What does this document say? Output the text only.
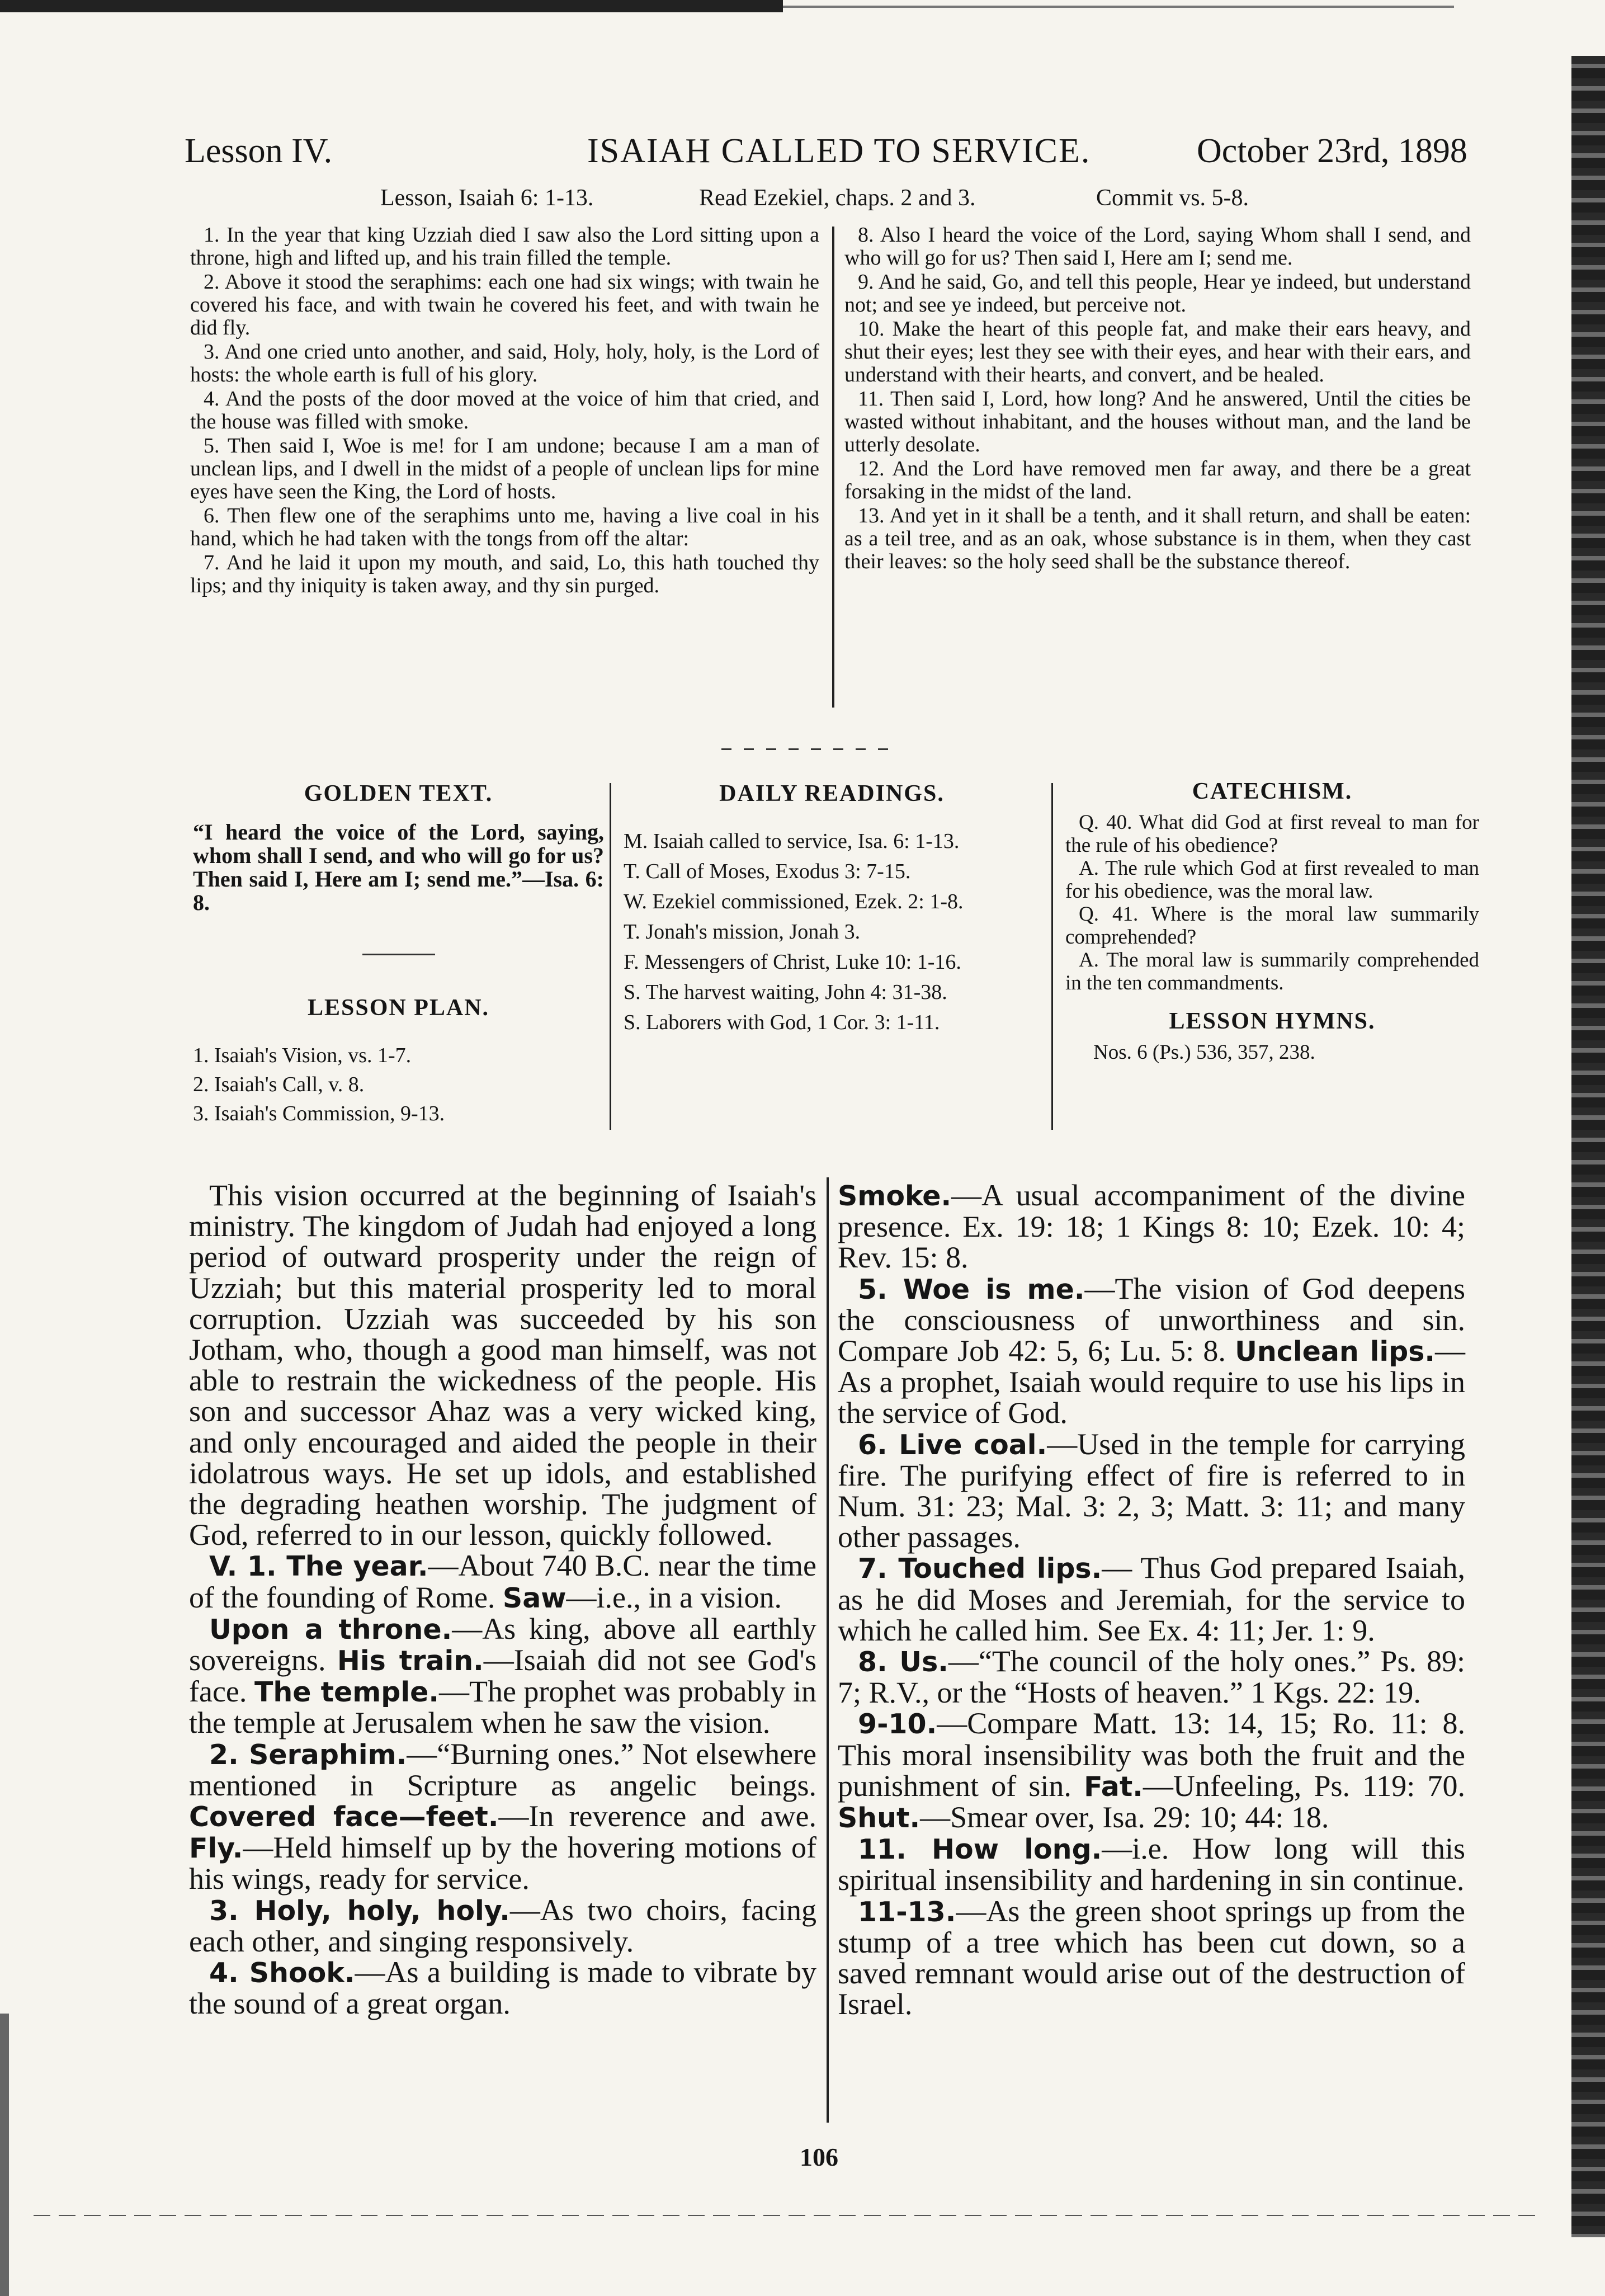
Lesson IV.	ISAIAH CALLED TO SERVICE.	October 23rd, 1898
Lesson, Isaiah 6: 1-13.	Read Ezekiel, chaps. 2 and 3.	Commit vs. 5-8.

1. In the year that king Uzziah died I saw also the Lord sitting upon a throne, high and lifted up, and his train filled the temple.

2. Above it stood the seraphims: each one had six wings; with twain he covered his face, and with twain he covered his feet, and with twain he did fly.

3. And one cried unto another, and said, Holy, holy, holy, is the Lord of hosts: the whole earth is full of his glory.

4. And the posts of the door moved at the voice of him that cried, and the house was filled with smoke.

5. Then said I, Woe is me! for I am undone; because I am a man of unclean lips, and I dwell in the midst of a people of unclean lips for mine eyes have seen the King, the Lord of hosts.

6. Then flew one of the seraphims unto me, having a live coal in his hand, which he had taken with the tongs from off the altar:

7. And he laid it upon my mouth, and said, Lo, this hath touched thy lips; and thy iniquity is taken away, and thy sin purged.

8. Also I heard the voice of the Lord, saying Whom shall I send, and who will go for us? Then said I, Here am I; send me.

9. And he said, Go, and tell this people, Hear ye indeed, but understand not; and see ye indeed, but perceive not.

10. Make the heart of this people fat, and make their ears heavy, and shut their eyes; lest they see with their eyes, and hear with their ears, and understand with their hearts, and convert, and be healed.

11. Then said I, Lord, how long? And he answered, Until the cities be wasted without inhabitant, and the houses without man, and the land be utterly desolate.

12. And the Lord have removed men far away, and there be a great forsaking in the midst of the land.

13. And yet in it shall be a tenth, and it shall return, and shall be eaten: as a teil tree, and as an oak, whose substance is in them, when they cast their leaves: so the holy seed shall be the substance thereof.

GOLDEN TEXT.
“I heard the voice of the Lord, saying, whom shall I send, and who will go for us? Then said I, Here am I; send me.”—Isa. 6: 8.
LESSON PLAN.
1. Isaiah's Vision, vs. 1-7.
2. Isaiah's Call, v. 8.
3. Isaiah's Commission, 9-13.
DAILY READINGS.
M. Isaiah called to service, Isa. 6: 1-13.
T. Call of Moses, Exodus 3: 7-15.
W. Ezekiel commissioned, Ezek. 2: 1-8.
T. Jonah's mission, Jonah 3.
F. Messengers of Christ, Luke 10: 1-16.
S. The harvest waiting, John 4: 31-38.
S. Laborers with God, 1 Cor. 3: 1-11.
CATECHISM.
Q. 40. What did God at first reveal to man for the rule of his obedience?
A. The rule which God at first revealed to man for his obedience, was the moral law.
Q. 41. Where is the moral law summarily comprehended?
A. The moral law is summarily comprehended in the ten commandments.
LESSON HYMNS.
Nos. 6 (Ps.) 536, 357, 238.

This vision occurred at the beginning of Isaiah's ministry. The kingdom of Judah had enjoyed a long period of outward prosperity under the reign of Uzziah; but this material prosperity led to moral corruption. Uzziah was succeeded by his son Jotham, who, though a good man himself, was not able to restrain the wickedness of the people. His son and successor Ahaz was a very wicked king, and only encouraged and aided the people in their idolatrous ways. He set up idols, and established the degrading heathen worship. The judgment of God, referred to in our lesson, quickly followed.

V. 1. The year.—About 740 B.C. near the time of the founding of Rome. Saw—i.e., in a vision.

Upon a throne.—As king, above all earthly sovereigns. His train.—Isaiah did not see God's face. The temple.—The prophet was probably in the temple at Jerusalem when he saw the vision.

2. Seraphim.—“Burning ones.” Not elsewhere mentioned in Scripture as angelic beings. Covered face—feet.—In reverence and awe. Fly.—Held himself up by the hovering motions of his wings, ready for service.

3. Holy, holy, holy.—As two choirs, facing each other, and singing responsively.

4. Shook.—As a building is made to vibrate by the sound of a great organ.

Smoke.—A usual accompaniment of the divine presence. Ex. 19: 18; 1 Kings 8: 10; Ezek. 10: 4; Rev. 15: 8.

5. Woe is me.—The vision of God deepens the consciousness of unworthiness and sin. Compare Job 42: 5, 6; Lu. 5: 8. Unclean lips.—As a prophet, Isaiah would require to use his lips in the service of God.

6. Live coal.—Used in the temple for carrying fire. The purifying effect of fire is referred to in Num. 31: 23; Mal. 3: 2, 3; Matt. 3: 11; and many other passages.

7. Touched lips.— Thus God prepared Isaiah, as he did Moses and Jeremiah, for the service to which he called him. See Ex. 4: 11; Jer. 1: 9.

8. Us.—“The council of the holy ones.” Ps. 89: 7; R.V., or the “Hosts of heaven.” 1 Kgs. 22: 19.

9-10.—Compare Matt. 13: 14, 15; Ro. 11: 8. This moral insensibility was both the fruit and the punishment of sin. Fat.—Unfeeling, Ps. 119: 70. Shut.—Smear over, Isa. 29: 10; 44: 18.

11. How long.—i.e. How long will this spiritual insensibility and hardening in sin continue.

11-13.—As the green shoot springs up from the stump of a tree which has been cut down, so a saved remnant would arise out of the destruction of Israel.

106
